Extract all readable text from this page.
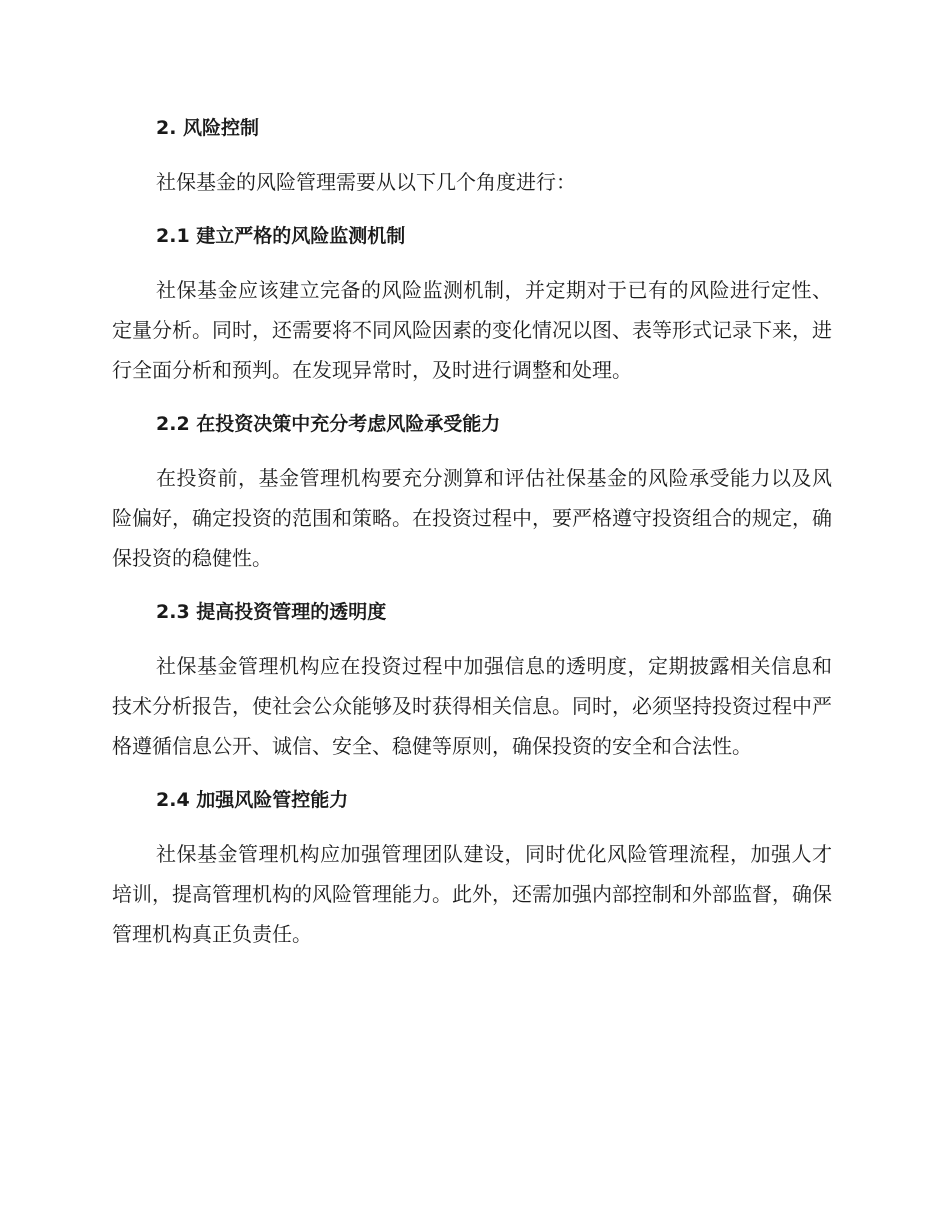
2. 风险控制

社保基金的风险管理需要从以下几个角度进行：

2.1 建立严格的风险监测机制

社保基金应该建立完备的风险监测机制，并定期对于已有的风险进行定性、定量分析。同时，还需要将不同风险因素的变化情况以图、表等形式记录下来，进行全面分析和预判。在发现异常时，及时进行调整和处理。

2.2 在投资决策中充分考虑风险承受能力

在投资前，基金管理机构要充分测算和评估社保基金的风险承受能力以及风险偏好，确定投资的范围和策略。在投资过程中，要严格遵守投资组合的规定，确保投资的稳健性。

2.3 提高投资管理的透明度

社保基金管理机构应在投资过程中加强信息的透明度，定期披露相关信息和技术分析报告，使社会公众能够及时获得相关信息。同时，必须坚持投资过程中严格遵循信息公开、诚信、安全、稳健等原则，确保投资的安全和合法性。

2.4 加强风险管控能力

社保基金管理机构应加强管理团队建设，同时优化风险管理流程，加强人才培训，提高管理机构的风险管理能力。此外，还需加强内部控制和外部监督，确保管理机构真正负责任。
